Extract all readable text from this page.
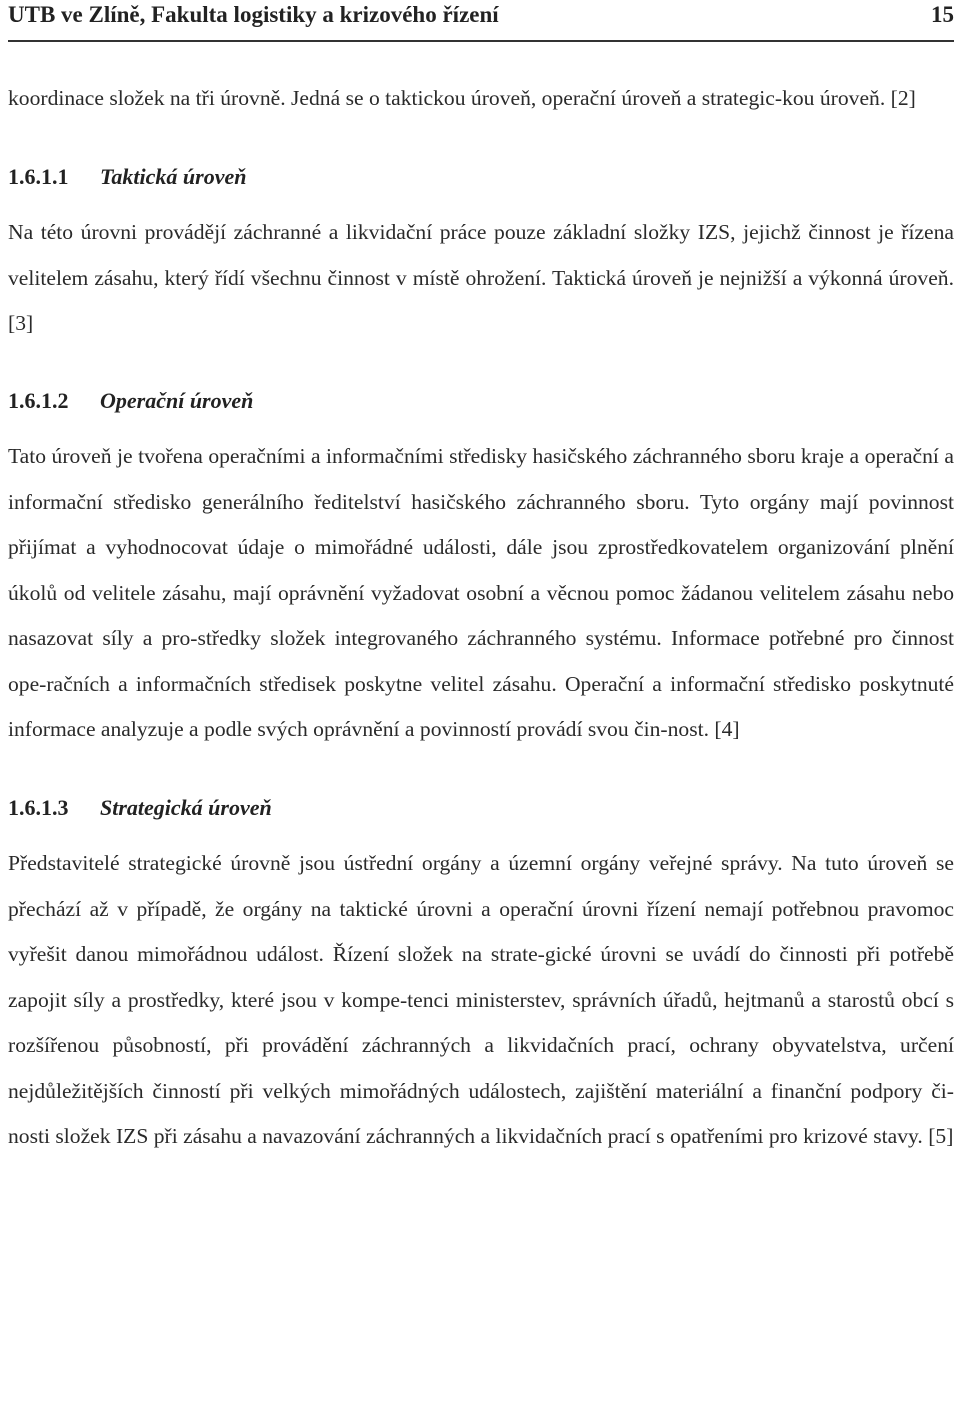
UTB ve Zlíně, Fakulta logistiky a krizového řízení	15

koordinace složek na tři úrovně. Jedná se o taktickou úroveň, operační úroveň a strategic-kou úroveň. [2]

1.6.1.1 Taktická úroveň

Na této úrovni provádějí záchranné a likvidační práce pouze základní složky IZS, jejichž činnost je řízena velitelem zásahu, který řídí všechnu činnost v místě ohrožení. Taktická úroveň je nejnižší a výkonná úroveň. [3]

1.6.1.2 Operační úroveň

Tato úroveň je tvořena operačními a informačními středisky hasičského záchranného sboru kraje a operační a informační středisko generálního ředitelství hasičského záchranného sboru. Tyto orgány mají povinnost přijímat a vyhodnocovat údaje o mimořádné události, dále jsou zprostředkovatelem organizování plnění úkolů od velitele zásahu, mají oprávnění vyžadovat osobní a věcnou pomoc žádanou velitelem zásahu nebo nasazovat síly a pro-středky složek integrovaného záchranného systému. Informace potřebné pro činnost ope-račních a informačních středisek poskytne velitel zásahu. Operační a informační středisko poskytnuté informace analyzuje a podle svých oprávnění a povinností provádí svou čin-nost. [4]

1.6.1.3 Strategická úroveň

Představitelé strategické úrovně jsou ústřední orgány a územní orgány veřejné správy. Na tuto úroveň se přechází až v případě, že orgány na taktické úrovni a operační úrovni řízení nemají potřebnou pravomoc vyřešit danou mimořádnou událost. Řízení složek na strate-gické úrovni se uvádí do činnosti při potřebě zapojit síly a prostředky, které jsou v kompe-tenci ministerstev, správních úřadů, hejtmanů a starostů obcí s rozšířenou působností, při provádění záchranných a likvidačních prací, ochrany obyvatelstva, určení nejdůležitějších činností při velkých mimořádných událostech, zajištění materiální a finanční podpory či-nosti složek IZS při zásahu a navazování záchranných a likvidačních prací s opatřeními pro krizové stavy. [5]
